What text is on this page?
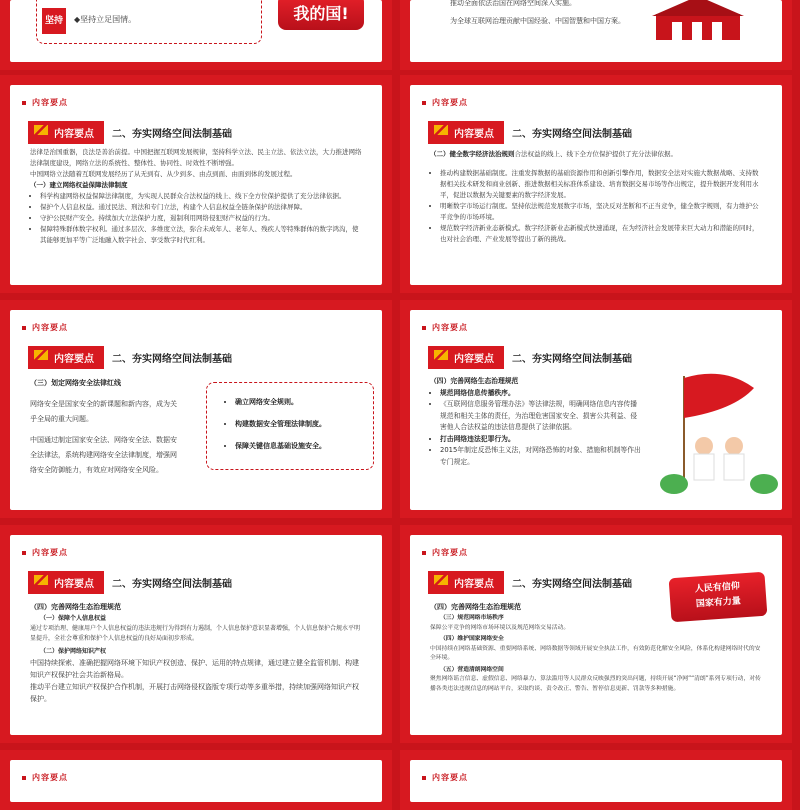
坚持	◆坚持立足国情。	我的国!
推动全面依法治国在网络空间深入实施。
为全球互联网治理贡献中国经验、中国智慧和中国方案。
内容要点
内容要点	二、夯实网络空间法制基础

法律是治国重器，良法是善治前提。中国把握互联网发展规律，坚持科学立法、民主立法、依法立法，大力推进网络法律制度建设，网络立法的系统性、整体性、协同性、时效性不断增强。

中国网络立法随着互联网发展经历了从无到有、从少到多、由点到面、由面到体的发展过程。

（一）建立网络权益保障法律制度

• 科学构建网络权益保障法律制度，为实现人民群众合法权益的线上、线下全方位保护提供了充分法律依据。
• 保护个人信息权益。通过民法、刑法和专门立法，构建个人信息权益全链条保护的法律屏障。
• 守护公民财产安全。持续加大立法保护力度，遏制利用网络侵犯财产权益的行为。
• 保障特殊群体数字权利。通过多层次、多维度立法，弥合未成年人、老年人、残疾人等特殊群体的数字鸿沟，使其能够更加平等广泛地融入数字社会、享受数字时代红利。
内容要点
内容要点	二、夯实网络空间法制基础

（二）健全数字经济法治规则合法权益的线上、线下全方位保护提供了充分法律依据。

• 推动构建数据基础制度。注重发挥数据的基础资源作用和创新引擎作用，数据安全法对实施大数据战略、支持数据相关技术研发和商业创新、推进数据相关标准体系建设、培育数据交易市场等作出规定，提升数据开发利用水平，促进以数据为关键要素的数字经济发展。
• 明晰数字市场运行制度。坚持依法规范发展数字市场，坚决反对垄断和不正当竞争，健全数字规则，有力维护公平竞争的市场环境。
• 规范数字经济新业态新模式。数字经济新业态新模式快速涌现，在为经济社会发展带来巨大动力和潜能的同时，也对社会治理、产业发展等提出了新的挑战。
内容要点
内容要点	二、夯实网络空间法制基础

（三）划定网络安全法律红线

网络安全是国家安全的新课题和新内容，成为关乎全局的重大问题。

中国通过制定国家安全法、网络安全法、数据安全法律法，系统构建网络安全法律制度，增强网络安全防御能力，有效应对网络安全风险。

• 确立网络安全规则。
• 构建数据安全管理法律制度。
• 保障关键信息基础设施安全。
内容要点
内容要点	二、夯实网络空间法制基础

（四）完善网络生态治理规范

• 规范网络信息传播秩序。
• 《互联网信息服务管理办法》等法律法规，明确网络信息内容传播规范和相关主体的责任，为治理危害国家安全、损害公共利益、侵害他人合法权益的违法信息提供了法律依据。
• 打击网络违法犯罪行为。
• 2015年制定反恐怖主义法，对网络恐怖的对象、措施和机制等作出专门规定。
内容要点
内容要点	二、夯实网络空间法制基础

（四）完善网络生态治理规范

（一）保障个人信息权益

通过专项治理、健康用户个人信息权益的违法违规行为得到有力遏制，个人信息保护意识显著增强，个人信息保护合规水平明显提升，全社会尊重和保护个人信息权益的良好局面初步形成。

（二）保护网络知识产权

中国持续探索、准确把握网络环境下知识产权创造、保护、运用的特点规律，通过建立健全监管机制、构建知识产权保护社会共治新格局。

推动平台建立知识产权保护合作机制，开展打击网络侵权盗版专项行动等多重举措，持续加强网络知识产权保护。

内容要点
内容要点	二、夯实网络空间法制基础	人民有信仰
国家有力量

（四）完善网络生态治理规范

（三）规范网络市场秩序

保障公平竞争的网络市场环境以及规范网络交易活动。

（四）维护国家网络安全

中国持续在网络基础资源、重要网络系统、网络数据等领域开展安全执法工作，有效防范化解安全风险，体系化构建网络时代的安全环境。

（五）营造清朗网络空间

聚焦网络谣言信息、虚假信息、网络暴力、算法滥用等人民群众反映强烈的突出问题，持续开展“净网”“清朗”系列专项行动，对传播各类违法违规信息的网站平台，采取约谈、责令改正、警告、暂停信息更新、罚款等多种措施。

内容要点	内容要点
